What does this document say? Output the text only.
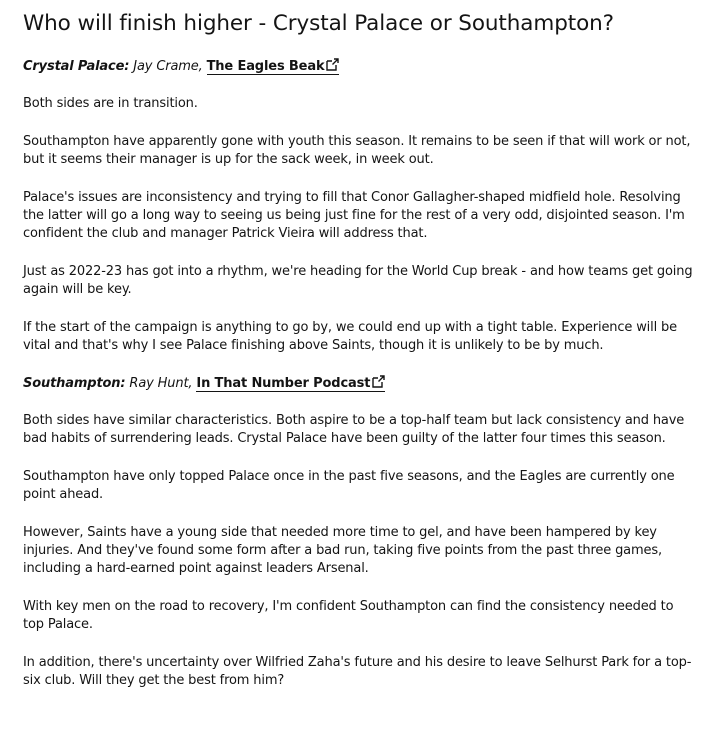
Who will finish higher - Crystal Palace or Southampton?

Crystal Palace: Jay Crame, The Eagles Beak

Both sides are in transition.

Southampton have apparently gone with youth this season. It remains to be seen if that will work or not, but it seems their manager is up for the sack week, in week out.

Palace's issues are inconsistency and trying to fill that Conor Gallagher-shaped midfield hole. Resolving the latter will go a long way to seeing us being just fine for the rest of a very odd, disjointed season. I'm confident the club and manager Patrick Vieira will address that.

Just as 2022-23 has got into a rhythm, we're heading for the World Cup break - and how teams get going again will be key.

If the start of the campaign is anything to go by, we could end up with a tight table. Experience will be vital and that's why I see Palace finishing above Saints, though it is unlikely to be by much.

Southampton: Ray Hunt, In That Number Podcast

Both sides have similar characteristics. Both aspire to be a top-half team but lack consistency and have bad habits of surrendering leads. Crystal Palace have been guilty of the latter four times this season.

Southampton have only topped Palace once in the past five seasons, and the Eagles are currently one point ahead.

However, Saints have a young side that needed more time to gel, and have been hampered by key injuries. And they've found some form after a bad run, taking five points from the past three games, including a hard-earned point against leaders Arsenal.

With key men on the road to recovery, I'm confident Southampton can find the consistency needed to top Palace.

In addition, there's uncertainty over Wilfried Zaha's future and his desire to leave Selhurst Park for a top-six club. Will they get the best from him?
